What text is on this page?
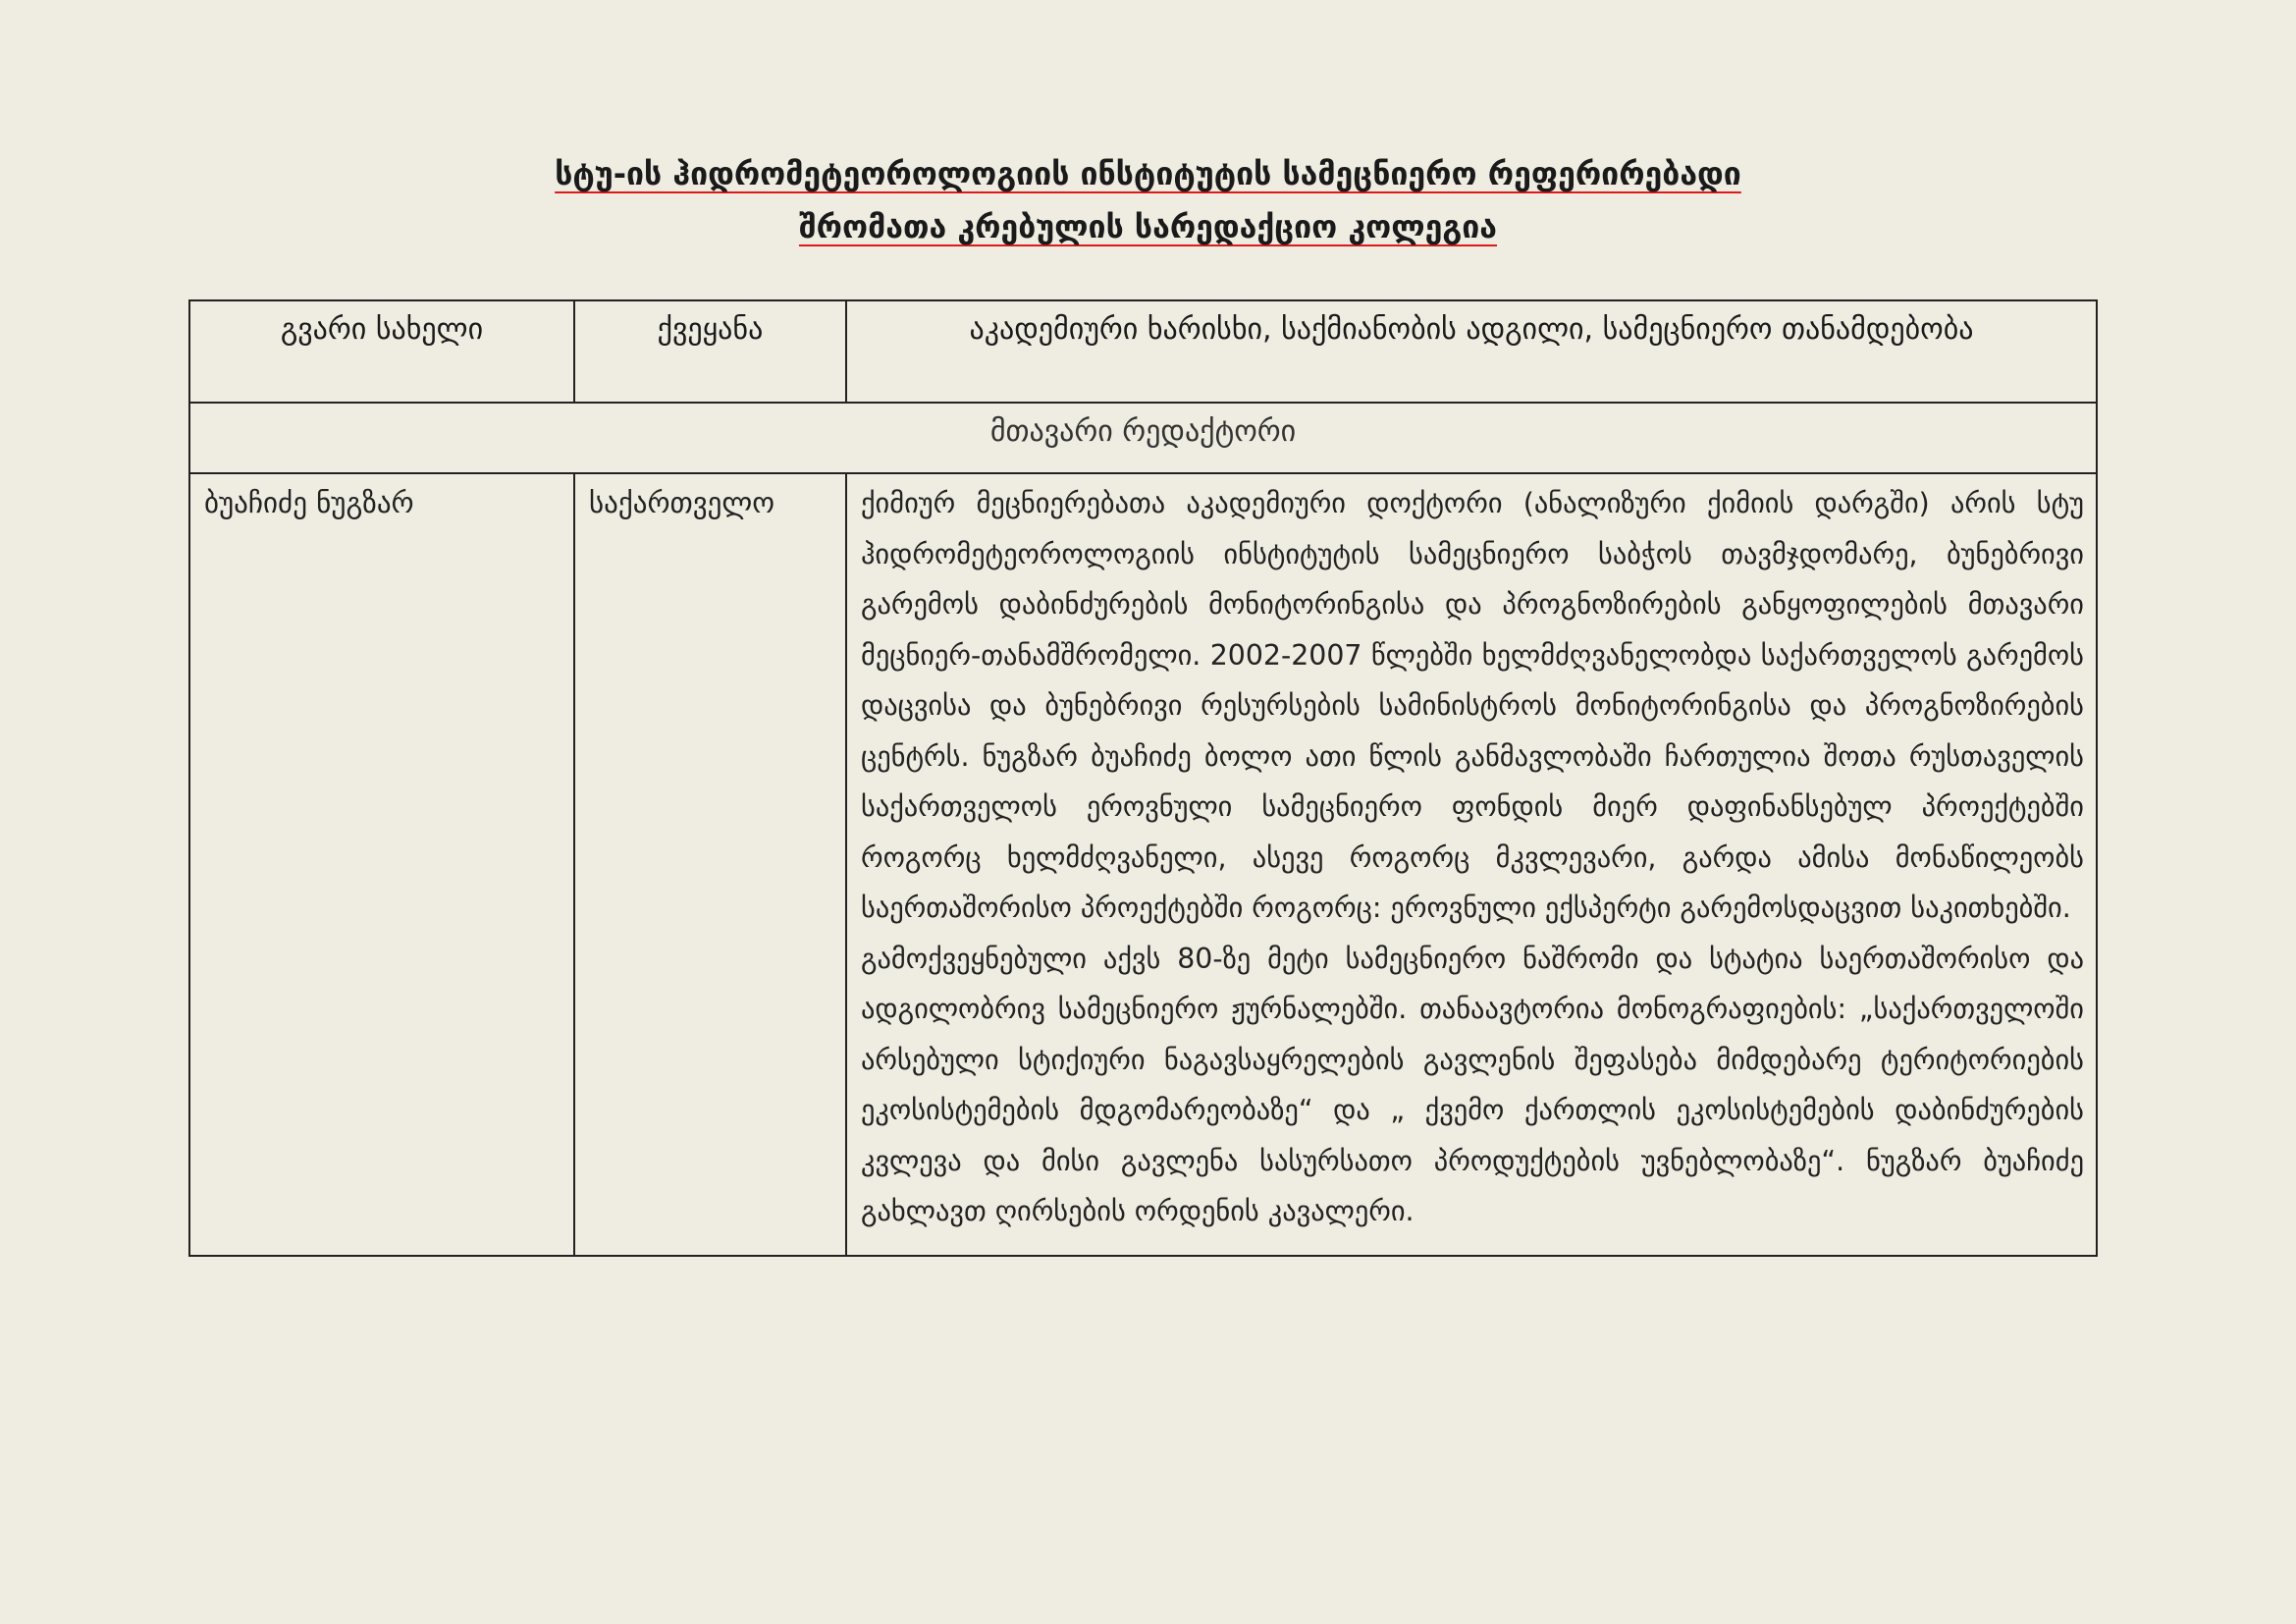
სტუ-ის ჰიდრომეტეოროლოგიის ინსტიტუტის სამეცნიერო რეფერირებადი
შრომათა კრებულის სარედაქციო კოლეგია
გვარი სახელი	ქვეყანა	აკადემიური ხარისხი, საქმიანობის ადგილი, სამეცნიერო თანამდებობა
მთავარი რედაქტორი		
ბუაჩიძე ნუგზარ	საქართველო	ქიმიურ მეცნიერებათა აკადემიური დოქტორი (ანალიზური ქიმიის დარგში) არის სტუ ჰიდრომეტეოროლოგიის ინსტიტუტის სამეცნიერო საბჭოს თავმჯდომარე, ბუნებრივი გარემოს დაბინძურების მონიტორინგისა და პროგნოზირების განყოფილების მთავარი მეცნიერ-თანამშრომელი. 2002-2007 წლებში ხელმძღვანელობდა საქართველოს გარემოს დაცვისა და ბუნებრივი რესურსების სამინისტროს მონიტორინგისა და პროგნოზირების ცენტრს. ნუგზარ ბუაჩიძე ბოლო ათი წლის განმავლობაში ჩართულია შოთა რუსთაველის საქართველოს ეროვნული სამეცნიერო ფონდის მიერ დაფინანსებულ პროექტებში როგორც ხელმძღვანელი, ასევე როგორც მკვლევარი, გარდა ამისა მონაწილეობს საერთაშორისო პროექტებში როგორც: ეროვნული ექსპერტი გარემოსდაცვით საკითხებში.

გამოქვეყნებული აქვს 80-ზე მეტი სამეცნიერო ნაშრომი და სტატია საერთაშორისო და ადგილობრივ სამეცნიერო ჟურნალებში. თანაავტორია მონოგრაფიების: „საქართველოში არსებული სტიქიური ნაგავსაყრელების გავლენის შეფასება მიმდებარე ტერიტორიების ეკოსისტემების მდგომარეობაზე“ და „ ქვემო ქართლის ეკოსისტემების დაბინძურების კვლევა და მისი გავლენა სასურსათო პროდუქტების უვნებლობაზე“. ნუგზარ ბუაჩიძე გახლავთ ღირსების ორდენის კავალერი.
